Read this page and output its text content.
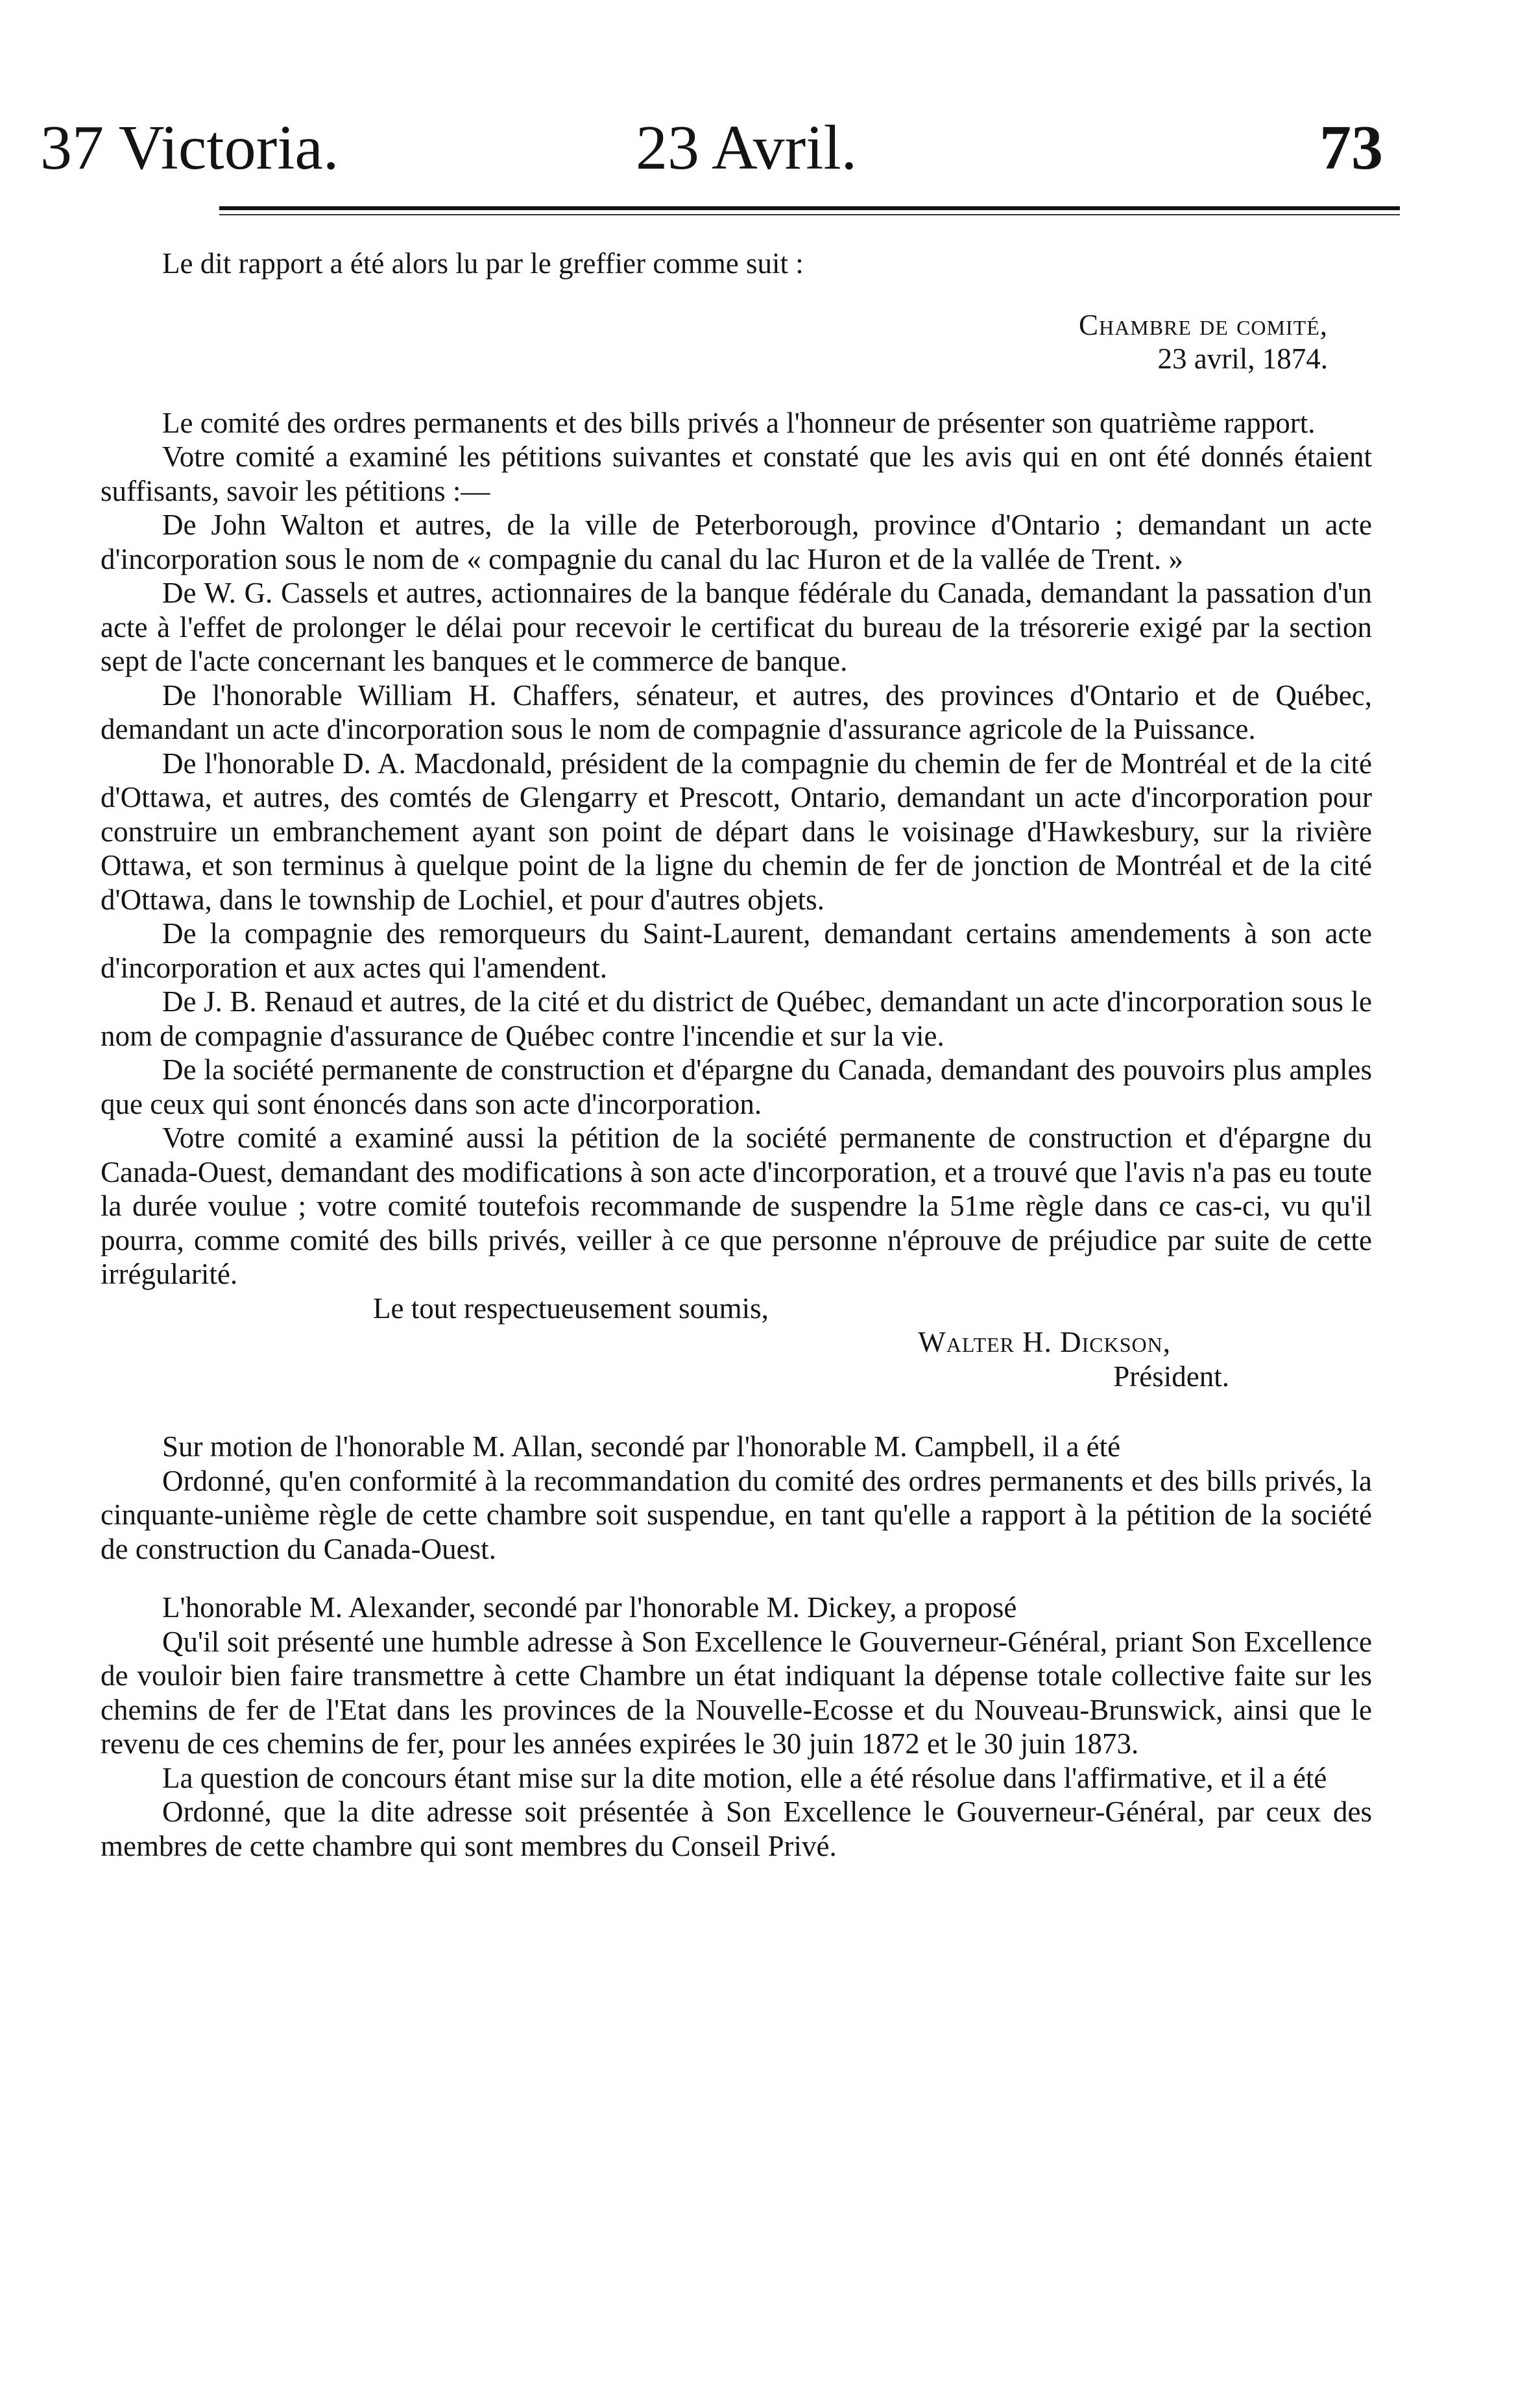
37 Victoria.	23 Avril.	73

Le dit rapport a été alors lu par le greffier comme suit :

Chambre de comité,
23 avril, 1874.

Le comité des ordres permanents et des bills privés a l'honneur de présenter son quatrième rapport.

Votre comité a examiné les pétitions suivantes et constaté que les avis qui en ont été donnés étaient suffisants, savoir les pétitions :—

De John Walton et autres, de la ville de Peterborough, province d'Ontario ; demandant un acte d'incorporation sous le nom de « compagnie du canal du lac Huron et de la vallée de Trent. »

De W. G. Cassels et autres, actionnaires de la banque fédérale du Canada, demandant la passation d'un acte à l'effet de prolonger le délai pour recevoir le certificat du bureau de la trésorerie exigé par la section sept de l'acte concernant les banques et le commerce de banque.

De l'honorable William H. Chaffers, sénateur, et autres, des provinces d'Ontario et de Québec, demandant un acte d'incorporation sous le nom de compagnie d'assurance agricole de la Puissance.

De l'honorable D. A. Macdonald, président de la compagnie du chemin de fer de Montréal et de la cité d'Ottawa, et autres, des comtés de Glengarry et Prescott, Ontario, demandant un acte d'incorporation pour construire un embranchement ayant son point de départ dans le voisinage d'Hawkesbury, sur la rivière Ottawa, et son terminus à quelque point de la ligne du chemin de fer de jonction de Montréal et de la cité d'Ottawa, dans le township de Lochiel, et pour d'autres objets.

De la compagnie des remorqueurs du Saint-Laurent, demandant certains amendements à son acte d'incorporation et aux actes qui l'amendent.

De J. B. Renaud et autres, de la cité et du district de Québec, demandant un acte d'incorporation sous le nom de compagnie d'assurance de Québec contre l'incendie et sur la vie.

De la société permanente de construction et d'épargne du Canada, demandant des pouvoirs plus amples que ceux qui sont énoncés dans son acte d'incorporation.

Votre comité a examiné aussi la pétition de la société permanente de construction et d'épargne du Canada-Ouest, demandant des modifications à son acte d'incorporation, et a trouvé que l'avis n'a pas eu toute la durée voulue ; votre comité toutefois recommande de suspendre la 51me règle dans ce cas-ci, vu qu'il pourra, comme comité des bills privés, veiller à ce que personne n'éprouve de préjudice par suite de cette irrégularité.

Le tout respectueusement soumis,

Walter H. Dickson,

Président.

Sur motion de l'honorable M. Allan, secondé par l'honorable M. Campbell, il a été

Ordonné, qu'en conformité à la recommandation du comité des ordres permanents et des bills privés, la cinquante-unième règle de cette chambre soit suspendue, en tant qu'elle a rapport à la pétition de la société de construction du Canada-Ouest.

L'honorable M. Alexander, secondé par l'honorable M. Dickey, a proposé

Qu'il soit présenté une humble adresse à Son Excellence le Gouverneur-Général, priant Son Excellence de vouloir bien faire transmettre à cette Chambre un état indiquant la dépense totale collective faite sur les chemins de fer de l'Etat dans les provinces de la Nouvelle-Ecosse et du Nouveau-Brunswick, ainsi que le revenu de ces chemins de fer, pour les années expirées le 30 juin 1872 et le 30 juin 1873.

La question de concours étant mise sur la dite motion, elle a été résolue dans l'affirmative, et il a été

Ordonné, que la dite adresse soit présentée à Son Excellence le Gouverneur-Général, par ceux des membres de cette chambre qui sont membres du Conseil Privé.
